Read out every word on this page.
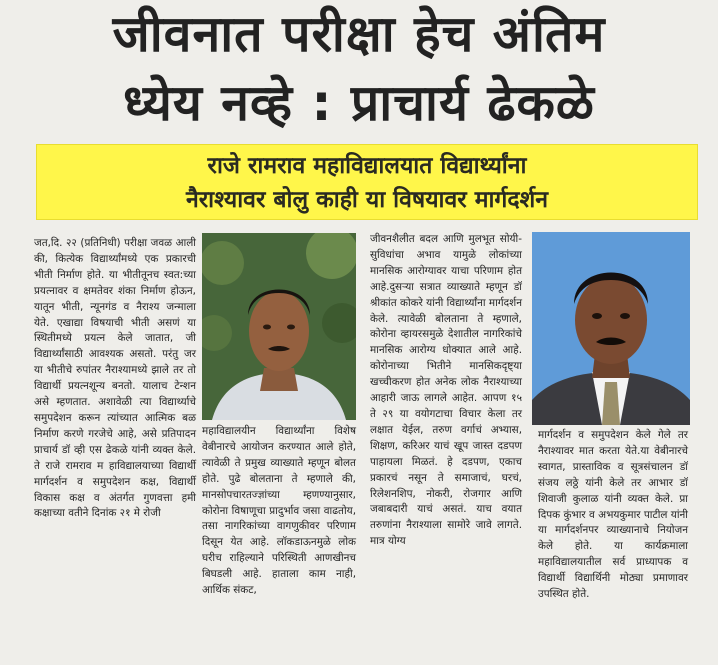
जीवनात परीक्षा हेच अंतिम
ध्येय नव्हे : प्राचार्य ढेकळे
राजे रामराव महाविद्यालयात विद्यार्थ्यांना
नैराश्यावर बोलु काही या विषयावर मार्गदर्शन

जत,दि. २२ (प्रतिनिधी) परीक्षा जवळ आली की, कित्येक विद्यार्थ्यांमध्ये एक प्रकारची भीती निर्माण होते. या भीतीतूनच स्वत:च्या प्रयत्नावर व क्षमतेवर शंका निर्माण होऊन, यातून भीती, न्यूनगंड व नैराश्य जन्माला येते. एखाद्या विषयाची भीती असणं या स्थितीमध्ये प्रयत्न केले जातात, जी विद्यार्थ्यांसाठी आवश्यक असतो. परंतु जर या भीतीचे रुपांतर नैराश्यामध्ये झाले तर तो विद्यार्थी प्रयत्नशून्य बनतो. यालाच टेन्शन असे म्हणतात. अशावेळी त्या विद्यार्थ्याचे समुपदेशन करून त्यांच्यात आत्मिक बळ निर्माण करणे गरजेचे आहे, असे प्रतिपादन प्राचार्य डॉ व्ही एस ढेकळे यांनी व्यक्त केले. ते राजे रामराव म हाविद्यालयाच्या विद्यार्थी मार्गदर्शन व समुपदेशन कक्ष, विद्यार्थी विकास कक्ष व अंतर्गत गुणवत्ता हमी कक्षाच्या वतीने दिनांक २१ मे रोजी

महाविद्यालयीन विद्यार्थ्यांना विशेष वेबीनारचे आयोजन करण्यात आले होते, त्यावेळी ते प्रमुख व्याख्याते म्हणून बोलत होते. पुढे बोलताना ते म्हणाले की, मानसोपचारतज्ज्ञांच्या म्हणण्यानुसार, कोरोना विषाणूचा प्रादुर्भाव जसा वाढतोय, तसा नागरिकांच्या वागणुकीवर परिणाम दिसून येत आहे. लॉकडाऊनमुळे लोक घरीच राहिल्याने परिस्थिती आणखीनच बिघडली आहे. हाताला काम नाही, आर्थिक संकट,

जीवनशैलीत बदल आणि मुलभूत सोयी-सुविधांचा अभाव यामुळे लोकांच्या मानसिक आरोग्यावर याचा परिणाम होत आहे.दुसऱ्या सत्रात व्याख्याते म्हणून डॉ श्रीकांत कोकरे यांनी विद्यार्थ्यांना मार्गदर्शन केले. त्यावेळी बोलताना ते म्हणाले, कोरोना व्हायरसमुळे देशातील नागरिकांचे मानसिक आरोग्य धोक्यात आले आहे. कोरोनाच्या भितीने मानसिकदृष्ट्या खच्चीकरण होत अनेक लोक नैराश्याच्या आहारी जाऊ लागले आहेत. आपण १५ ते २९ या वयोगटाचा विचार केला तर लक्षात येईल, तरुण वर्गाचं अभ्यास, शिक्षण, करिअर याचं खूप जास्त दडपण पाहायला मिळतं. हे दडपण, एकाच प्रकारचं नसून ते समाजाचं, घरचं, रिलेशनशिप, नोकरी, रोजगार आणि जबाबदारी याचं असतं. याच वयात तरुणांना नैराश्याला सामोरे जावे लागते. मात्र योग्य

मार्गदर्शन व समुपदेशन केले गेले तर नैराश्यावर मात करता येते.या वेबीनारचे स्वागत, प्रास्ताविक व सूत्रसंचालन डॉ संजय लठ्ठे यांनी केले तर आभार डॉ शिवाजी कुलाळ यांनी व्यक्त केले. प्रा दिपक कुंभार व अभयकुमार पाटील यांनी या मार्गदर्शनपर व्याख्यानाचे नियोजन केले होते. या कार्यक्रमाला महाविद्यालयातील सर्व प्राध्यापक व विद्यार्थी विद्यार्थिनी मोठ्या प्रमाणावर उपस्थित होते.
